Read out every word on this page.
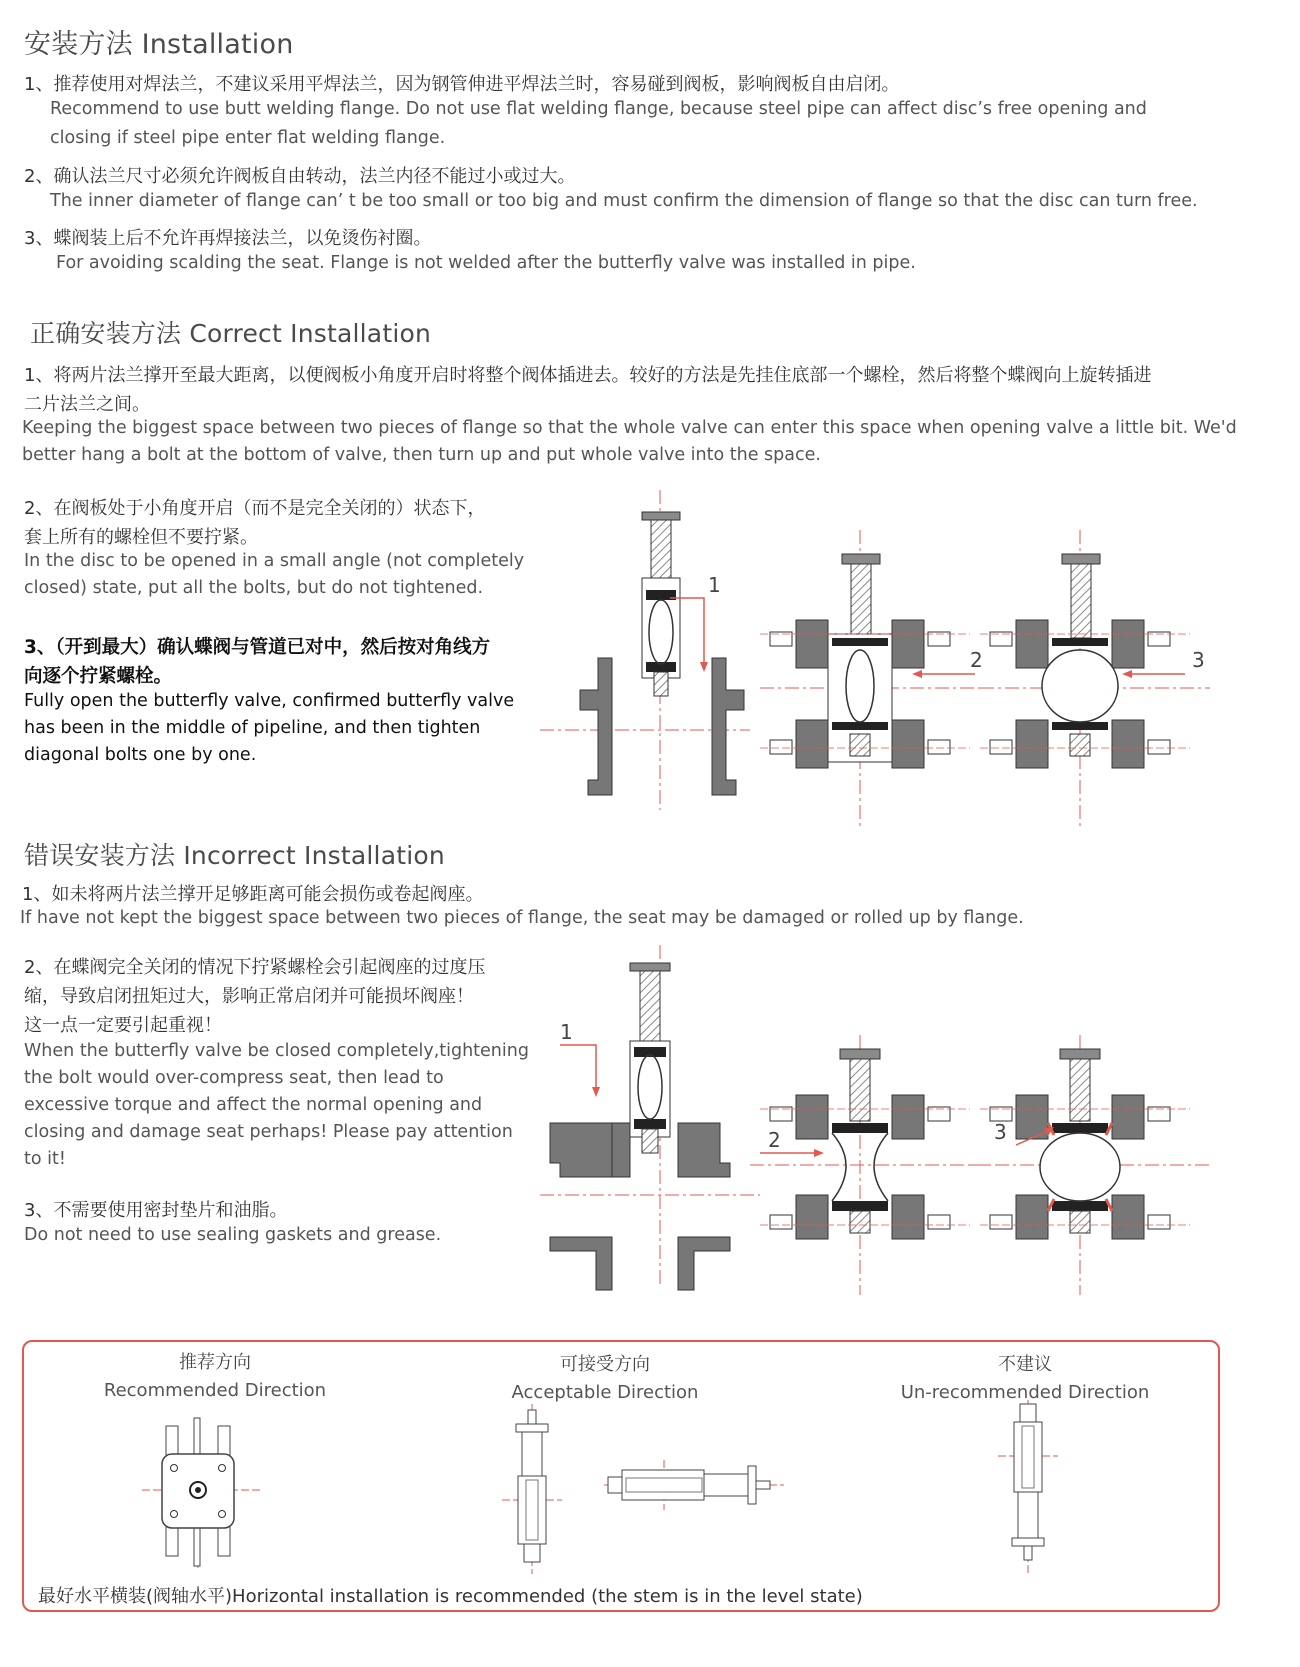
安装方法 Installation
1、推荐使用对焊法兰，不建议采用平焊法兰，因为钢管伸进平焊法兰时，容易碰到阀板，影响阀板自由启闭。
Recommend to use butt welding flange. Do not use flat welding flange, because steel pipe can affect disc’s free opening and
closing if steel pipe enter flat welding flange.
2、确认法兰尺寸必须允许阀板自由转动，法兰内径不能过小或过大。
The inner diameter of flange can’ t be too small or too big and must confirm the dimension of flange so that the disc can turn free.
3、蝶阀装上后不允许再焊接法兰，以免烫伤衬圈。
For avoiding scalding the seat. Flange is not welded after the butterfly valve was installed in pipe.
正确安装方法 Correct Installation
1、将两片法兰撑开至最大距离，以便阀板小角度开启时将整个阀体插进去。较好的方法是先挂住底部一个螺栓，然后将整个蝶阀向上旋转插进
二片法兰之间。
Keeping the biggest space between two pieces of flange so that the whole valve can enter this space when opening valve a little bit. We'd
better hang a bolt at the bottom of valve, then turn up and put whole valve into the space.
2、在阀板处于小角度开启（而不是完全关闭的）状态下，
套上所有的螺栓但不要拧紧。
In the disc to be opened in a small angle (not completely
closed) state, put all the bolts, but do not tightened.
3、（开到最大）确认蝶阀与管道已对中，然后按对角线方
向逐个拧紧螺栓。
Fully open the butterfly valve, confirmed butterfly valve
has been in the middle of pipeline, and then tighten
diagonal bolts one by one.
1
2	3
错误安装方法 Incorrect Installation
1、如未将两片法兰撑开足够距离可能会损伤或卷起阀座。
If have not kept the biggest space between two pieces of flange, the seat may be damaged or rolled up by flange.
2、在蝶阀完全关闭的情况下拧紧螺栓会引起阀座的过度压
缩，导致启闭扭矩过大，影响正常启闭并可能损坏阀座！
这一点一定要引起重视！
When the butterfly valve be closed completely,tightening
the bolt would over-compress seat, then lead to
excessive torque and affect the normal opening and
closing and damage seat perhaps! Please pay attention
to it!
3、不需要使用密封垫片和油脂。
Do not need to use sealing gaskets and grease.
1
2	3
推荐方向
Recommended Direction
可接受方向
Acceptable Direction
不建议
Un-recommended Direction
最好水平横装(阀轴水平)Horizontal installation is recommended (the stem is in the level state)
